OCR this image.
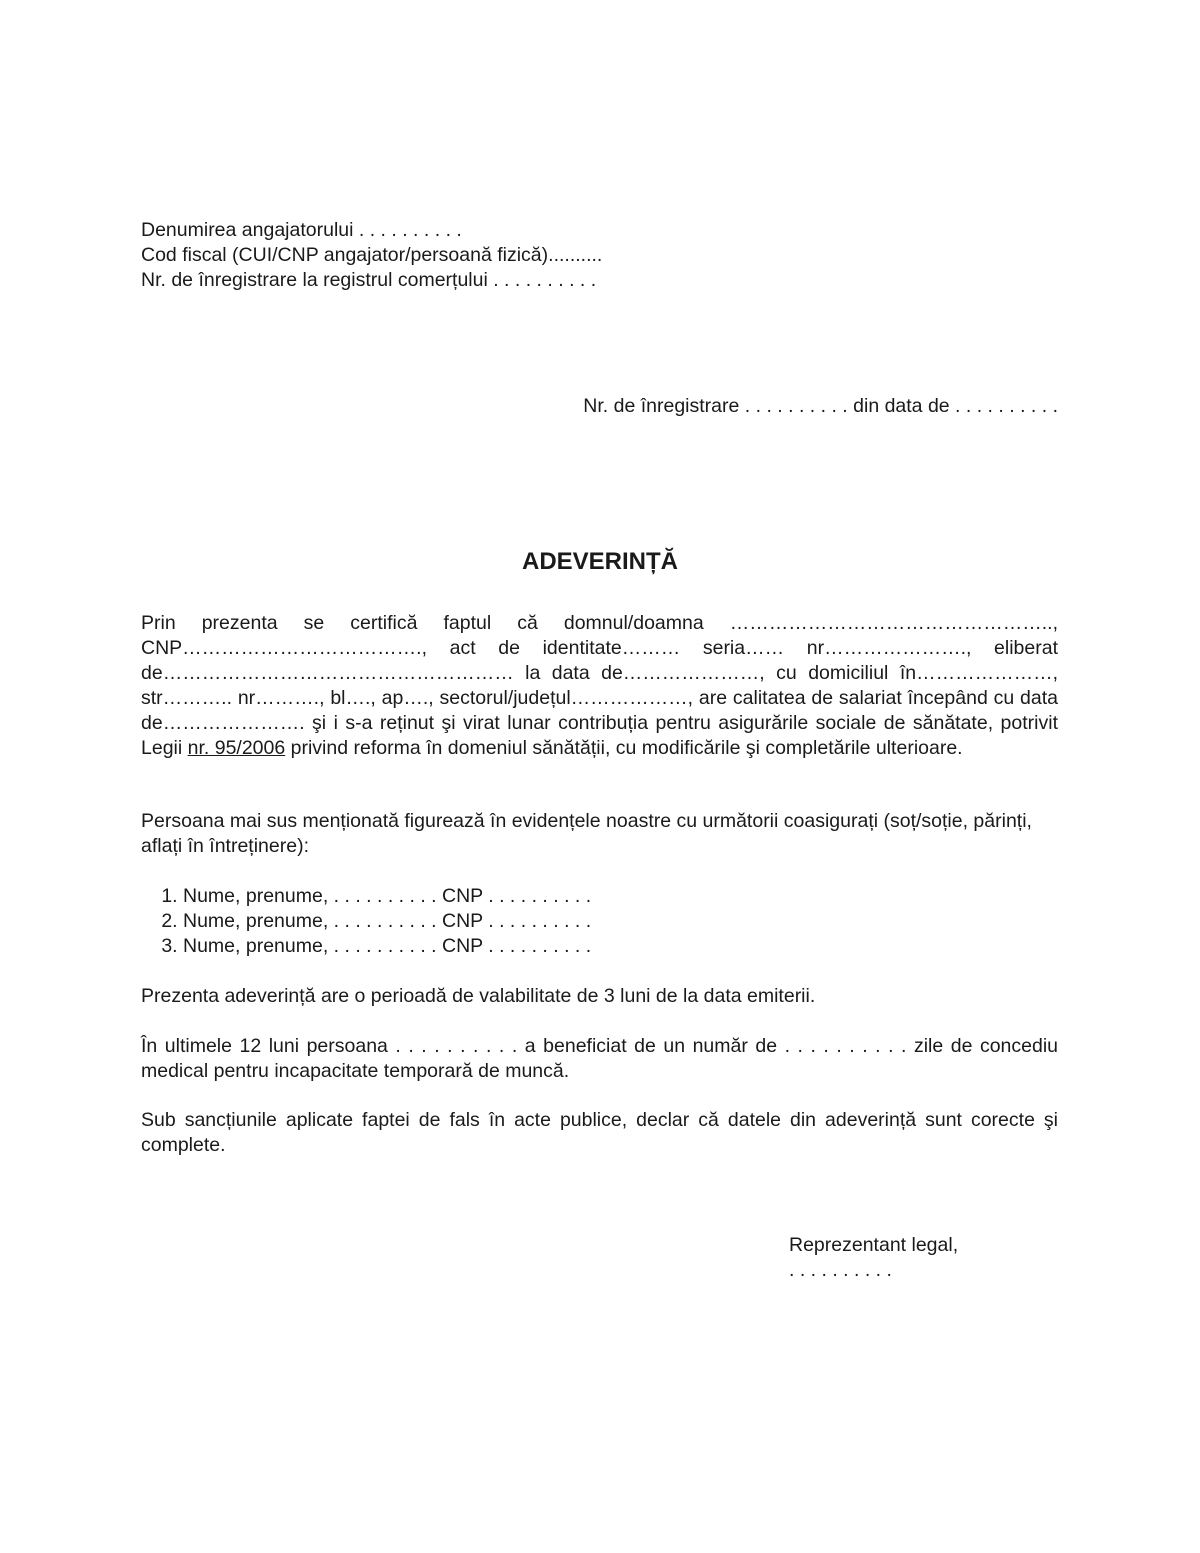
Denumirea angajatorului . . . . . . . . . .
Cod fiscal (CUI/CNP angajator/persoană fizică)..........
Nr. de înregistrare la registrul comerțului . . . . . . . . . .
Nr. de înregistrare . . . . . . . . . . din data de . . . . . . . . . .
ADEVERINȚĂ
Prin prezenta se certifică faptul că domnul/doamna ………………………………………….., CNP………………………………., act de identitate……… seria…… nr…………………., eliberat de……………………………………………… la data de…………………, cu domiciliul în…………………, str……….. nr………., bl…., ap…., sectorul/județul………………, are calitatea de salariat începând cu data de…………………. şi i s-a reținut şi virat lunar contribuția pentru asigurările sociale de sănătate, potrivit Legii nr. 95/2006 privind reforma în domeniul sănătății, cu modificările şi completările ulterioare.
Persoana mai sus menționată figurează în evidențele noastre cu următorii coasigurați (soț/soție, părinți, aflați în întreținere):
1. Nume, prenume, . . . . . . . . . . CNP . . . . . . . . . .
2. Nume, prenume, . . . . . . . . . . CNP . . . . . . . . . .
3. Nume, prenume, . . . . . . . . . . CNP . . . . . . . . . .
Prezenta adeverință are o perioadă de valabilitate de 3 luni de la data emiterii.
În ultimele 12 luni persoana . . . . . . . . . . a beneficiat de un număr de . . . . . . . . . . zile de concediu medical pentru incapacitate temporară de muncă.
Sub sancțiunile aplicate faptei de fals în acte publice, declar că datele din adeverință sunt corecte şi complete.
Reprezentant legal,
. . . . . . . . . .
